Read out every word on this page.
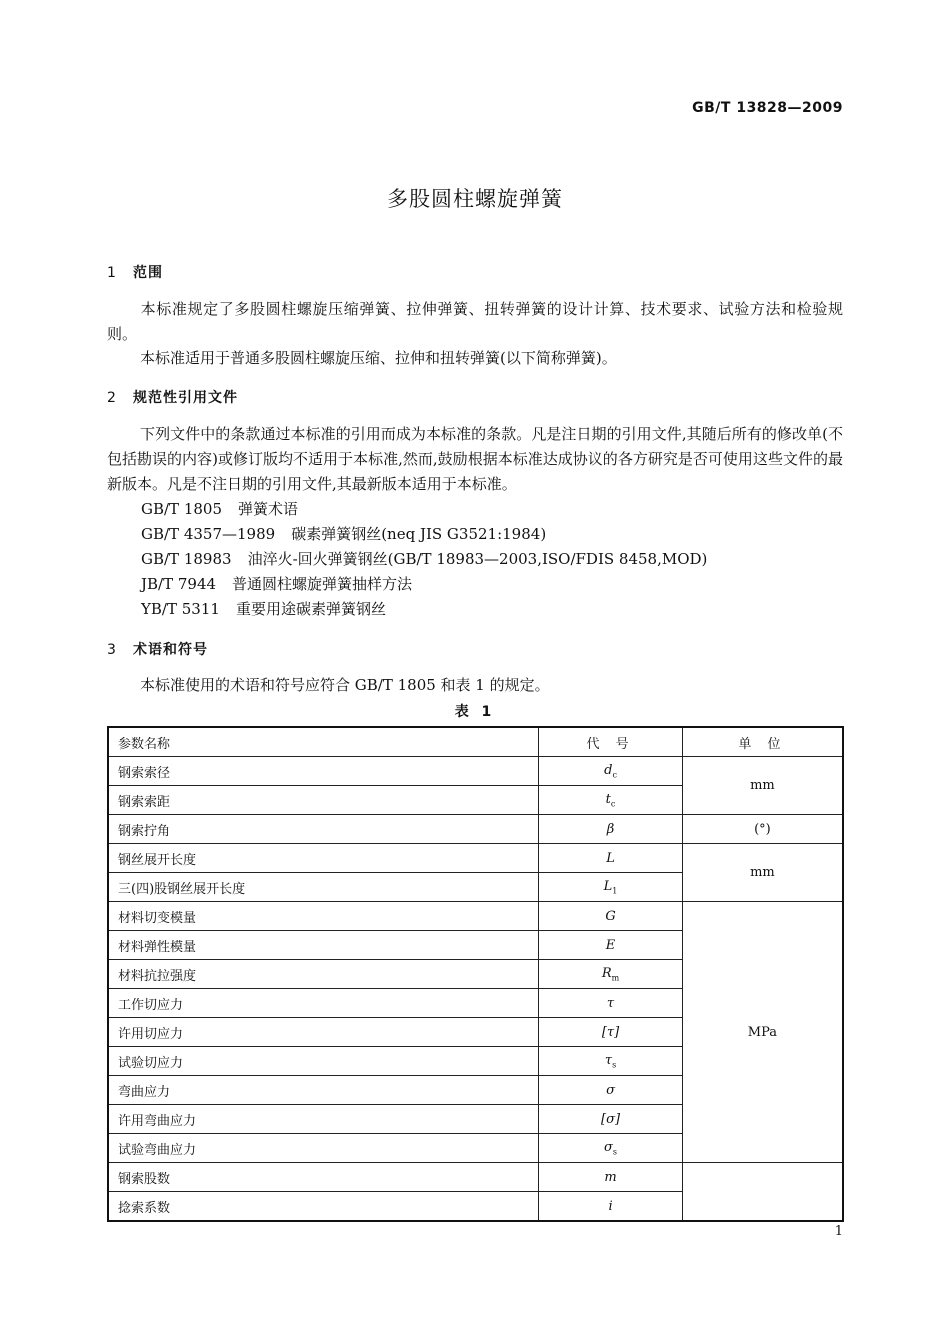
GB/T 13828—2009
多股圆柱螺旋弹簧
1 范围
本标准规定了多股圆柱螺旋压缩弹簧、拉伸弹簧、扭转弹簧的设计计算、技术要求、试验方法和检验规则。
本标准适用于普通多股圆柱螺旋压缩、拉伸和扭转弹簧(以下简称弹簧)。
2 规范性引用文件
下列文件中的条款通过本标准的引用而成为本标准的条款。凡是注日期的引用文件,其随后所有的修改单(不包括勘误的内容)或修订版均不适用于本标准,然而,鼓励根据本标准达成协议的各方研究是否可使用这些文件的最新版本。凡是不注日期的引用文件,其最新版本适用于本标准。
GB/T 1805 弹簧术语
GB/T 4357—1989 碳素弹簧钢丝(neq JIS G3521:1984)
GB/T 18983 油淬火-回火弹簧钢丝(GB/T 18983—2003,ISO/FDIS 8458,MOD)
JB/T 7944 普通圆柱螺旋弹簧抽样方法
YB/T 5311 重要用途碳素弹簧钢丝
3 术语和符号
本标准使用的术语和符号应符合 GB/T 1805 和表 1 的规定。
表 1
参数名称	代 号	单 位
钢索索径	$d_c$	mm
钢索索距	$t_c$
钢索拧角	β	(°)
钢丝展开长度	L	mm
三(四)股钢丝展开长度	$L_1$
材料切变模量	G	MPa
材料弹性模量	E	
材料抗拉强度	$R_m$
工作切应力	τ	
许用切应力	[τ]	
试验切应力	$\tau_s$
弯曲应力	σ	
许用弯曲应力	[σ]	
试验弯曲应力	$\sigma_s$
钢索股数	m	
捻索系数	i	
1
